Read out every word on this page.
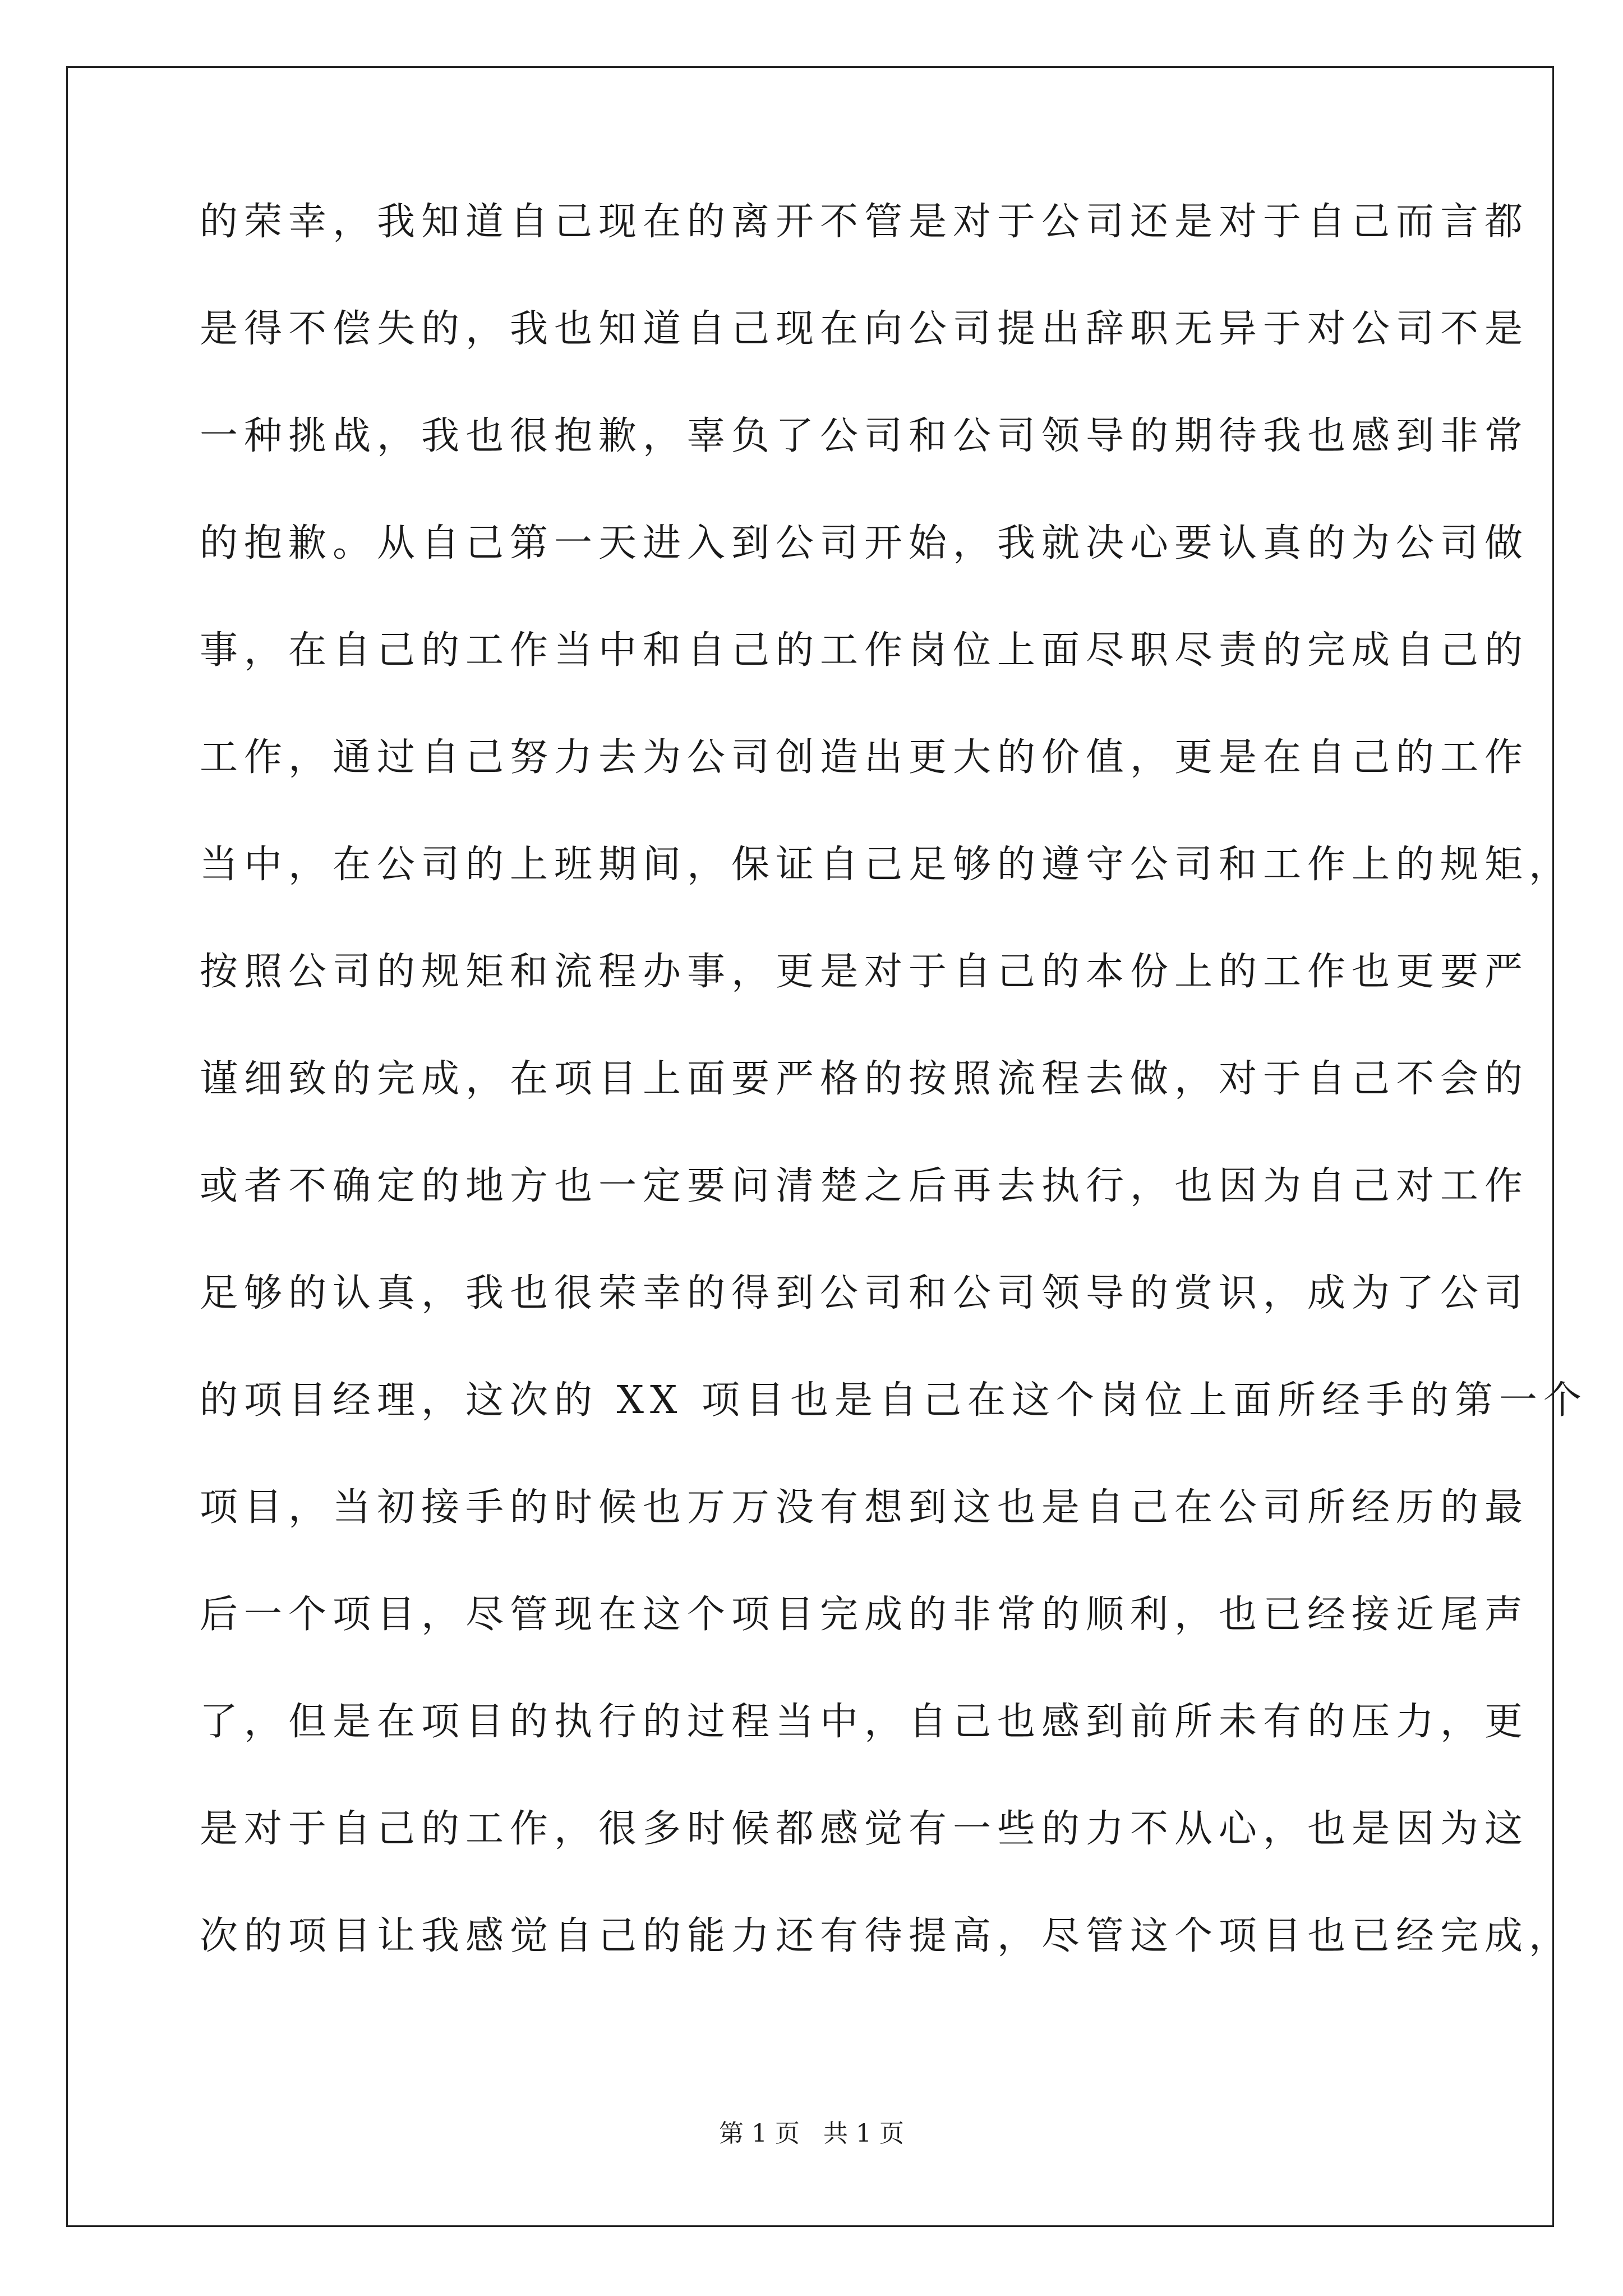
的荣幸，我知道自己现在的离开不管是对于公司还是对于自己而言都
是得不偿失的，我也知道自己现在向公司提出辞职无异于对公司不是
一种挑战，我也很抱歉，辜负了公司和公司领导的期待我也感到非常
的抱歉。从自己第一天进入到公司开始，我就决心要认真的为公司做
事，在自己的工作当中和自己的工作岗位上面尽职尽责的完成自己的
工作，通过自己努力去为公司创造出更大的价值，更是在自己的工作
当中，在公司的上班期间，保证自己足够的遵守公司和工作上的规矩，
按照公司的规矩和流程办事，更是对于自己的本份上的工作也更要严
谨细致的完成，在项目上面要严格的按照流程去做，对于自己不会的
或者不确定的地方也一定要问清楚之后再去执行，也因为自己对工作
足够的认真，我也很荣幸的得到公司和公司领导的赏识，成为了公司
的项目经理，这次的 XX 项目也是自己在这个岗位上面所经手的第一个
项目，当初接手的时候也万万没有想到这也是自己在公司所经历的最
后一个项目，尽管现在这个项目完成的非常的顺利，也已经接近尾声
了，但是在项目的执行的过程当中，自己也感到前所未有的压力，更
是对于自己的工作，很多时候都感觉有一些的力不从心，也是因为这
次的项目让我感觉自己的能力还有待提高，尽管这个项目也已经完成，
第 1 页   共 1 页
